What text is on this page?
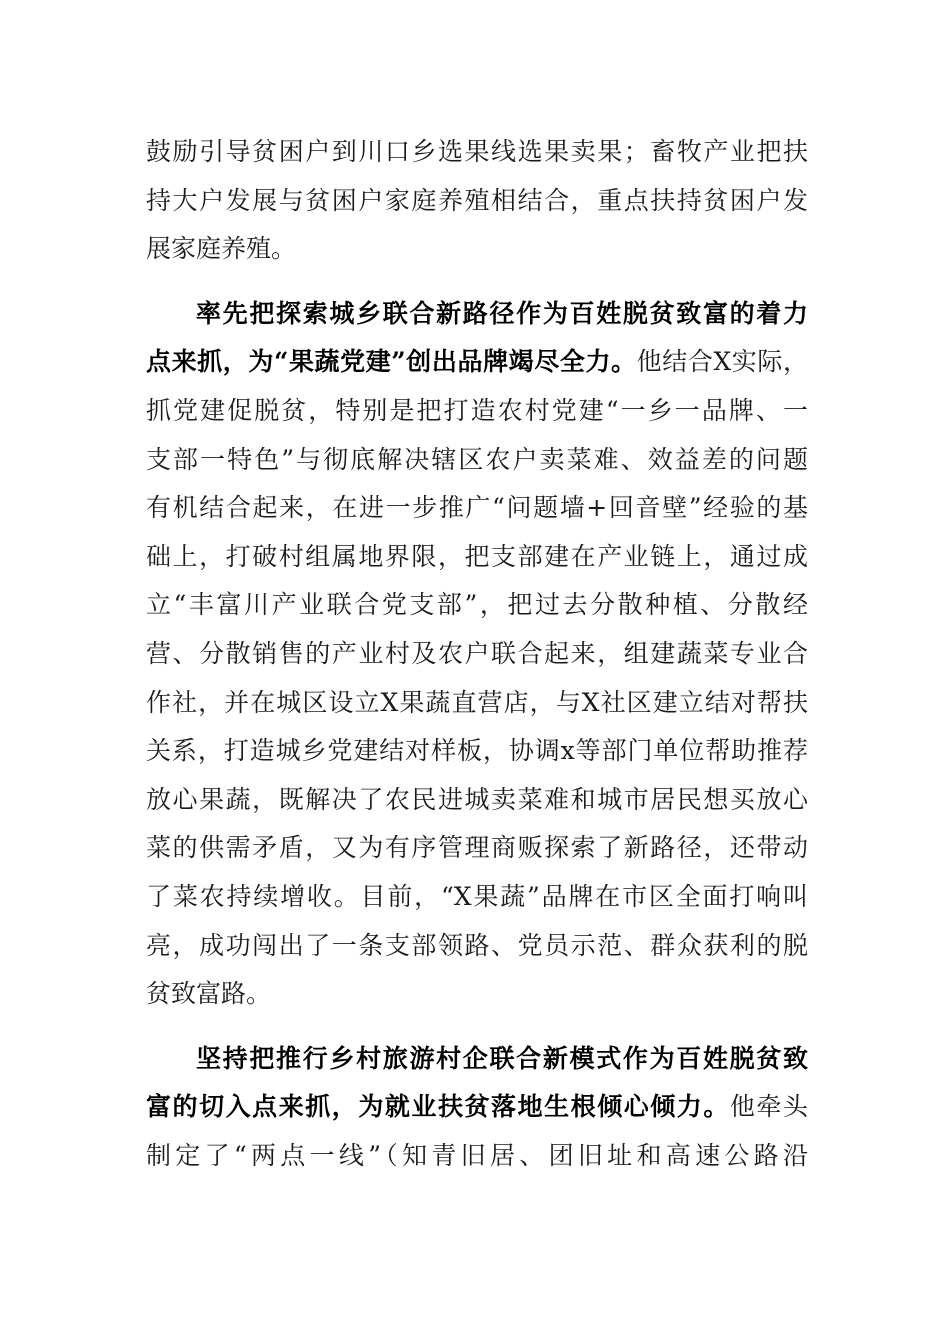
鼓励引导贫困户到川口乡选果线选果卖果；畜牧产业把扶
持大户发展与贫困户家庭养殖相结合，重点扶持贫困户发
展家庭养殖。
率先把探索城乡联合新路径作为百姓脱贫致富的着力
点来抓，为“果蔬党建”创出品牌竭尽全力。他结合X实际，
抓党建促脱贫，特别是把打造农村党建“一乡一品牌、一
支部一特色”与彻底解决辖区农户卖菜难、效益差的问题
有机结合起来，在进一步推广“问题墙+回音壁”经验的基
础上，打破村组属地界限，把支部建在产业链上，通过成
立“丰富川产业联合党支部”，把过去分散种植、分散经
营、分散销售的产业村及农户联合起来，组建蔬菜专业合
作社，并在城区设立X果蔬直营店，与X社区建立结对帮扶
关系，打造城乡党建结对样板，协调x等部门单位帮助推荐
放心果蔬，既解决了农民进城卖菜难和城市居民想买放心
菜的供需矛盾，又为有序管理商贩探索了新路径，还带动
了菜农持续增收。目前，“X果蔬”品牌在市区全面打响叫
亮，成功闯出了一条支部领路、党员示范、群众获利的脱
贫致富路。
坚持把推行乡村旅游村企联合新模式作为百姓脱贫致
富的切入点来抓，为就业扶贫落地生根倾心倾力。他牵头
制定了“两点一线”（知青旧居、团旧址和高速公路沿
